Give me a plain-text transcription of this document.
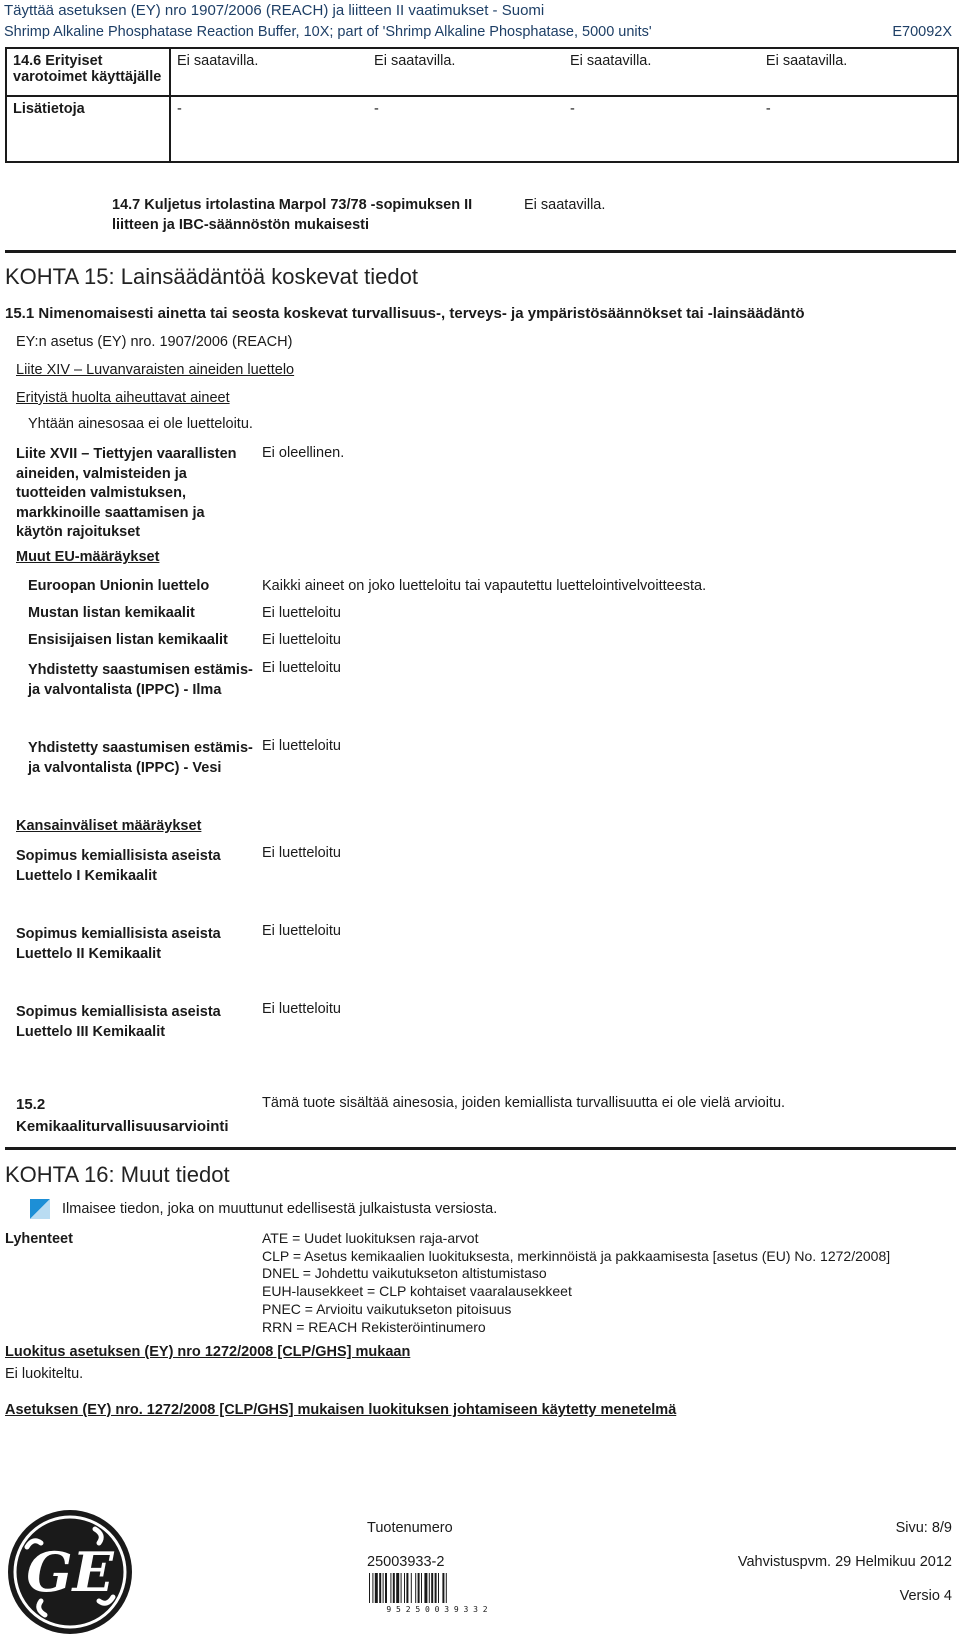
Täyttää asetuksen (EY) nro 1907/2006 (REACH) ja liitteen II vaatimukset - Suomi
Shrimp Alkaline Phosphatase Reaction Buffer, 10X; part of 'Shrimp Alkaline Phosphatase, 5000 units'	E70092X
14.6 Erityiset varotoimet käyttäjälle	Ei saatavilla.	Ei saatavilla.	Ei saatavilla.	Ei saatavilla.
Lisätietoja	-	-	-	-
14.7 Kuljetus irtolastina Marpol 73/78 -sopimuksen II
liitteen ja IBC-säännöstön mukaisesti
Ei saatavilla.
KOHTA 15: Lainsäädäntöä koskevat tiedot
15.1 Nimenomaisesti ainetta tai seosta koskevat turvallisuus-, terveys- ja ympäristösäännökset tai -lainsäädäntö
EY:n asetus (EY) nro. 1907/2006 (REACH)
Liite XIV – Luvanvaraisten aineiden luettelo
Erityistä huolta aiheuttavat aineet
Yhtään ainesosaa ei ole luetteloitu.
Liite XVII – Tiettyjen vaarallisten
aineiden, valmisteiden ja
tuotteiden valmistuksen,
markkinoille saattamisen ja
käytön rajoitukset
Ei oleellinen.
Muut EU-määräykset
Euroopan Unionin luettelo	Kaikki aineet on joko luetteloitu tai vapautettu luettelointivelvoitteesta.
Mustan listan kemikaalit	Ei luetteloitu
Ensisijaisen listan kemikaalit Ei luetteloitu
Yhdistetty saastumisen estämis-
ja valvontalista (IPPC) - Ilma
Ei luetteloitu
Yhdistetty saastumisen estämis-
ja valvontalista (IPPC) - Vesi
Ei luetteloitu
Kansainväliset määräykset
Sopimus kemiallisista aseista
Luettelo I Kemikaalit
Ei luetteloitu
Sopimus kemiallisista aseista
Luettelo II Kemikaalit
Ei luetteloitu
Sopimus kemiallisista aseista
Luettelo III Kemikaalit
Ei luetteloitu
15.2
Kemikaaliturvallisuusarviointi
Tämä tuote sisältää ainesosia, joiden kemiallista turvallisuutta ei ole vielä arvioitu.
KOHTA 16: Muut tiedot
Ilmaisee tiedon, joka on muuttunut edellisestä julkaistusta versiosta.
Lyhenteet	ATE = Uudet luokituksen raja-arvot
CLP = Asetus kemikaalien luokituksesta, merkinnöistä ja pakkaamisesta [asetus (EU) No. 1272/2008]
DNEL = Johdettu vaikutukseton altistumistaso
EUH-lausekkeet = CLP kohtaiset vaaralausekkeet
PNEC = Arvioitu vaikutukseton pitoisuus
RRN = REACH Rekisteröintinumero
Luokitus asetuksen (EY) nro 1272/2008 [CLP/GHS] mukaan
Ei luokiteltu.
Asetuksen (EY) nro. 1272/2008 [CLP/GHS] mukaisen luokituksen johtamiseen käytetty menetelmä
GE
Tuotenumero
25003933-2
Sivu: 8/9
Vahvistuspvm. 29 Helmikuu 2012
Versio 4
9 5 2 5 0 0 3 9 3 3 2
